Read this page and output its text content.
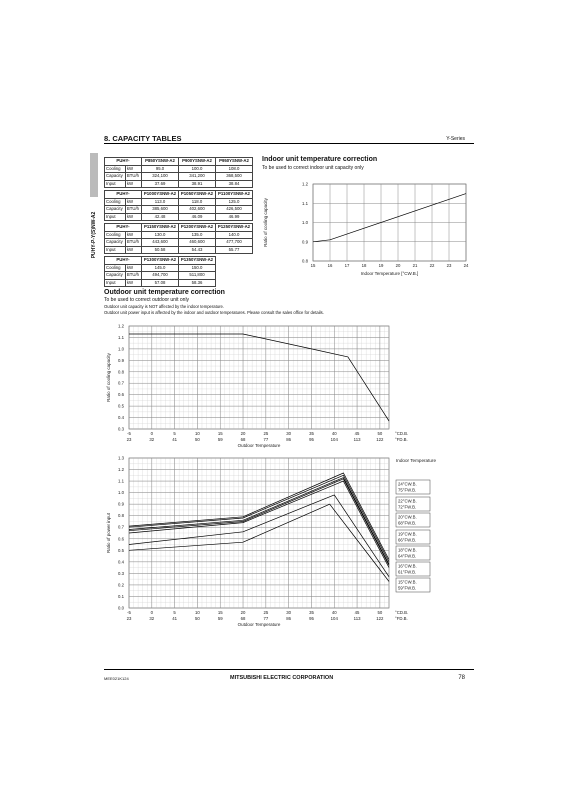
8. CAPACITY TABLES	Y-Series
PUHY-P-Y(S)NW-A2
PUHY-		P850YSNW-A2	P900YSNW-A2	P950YSNW-A2
Cooling	kW	95.0	100.0	108.0
Capacity	BTU/h	324,100	341,200	368,500
Input	kW	37.69	38.91	38.84
PUHY-		P1000YSNW-A2	P1050YSNW-A2	P1100YSNW-A2
Cooling	kW	113.0	118.0	125.0
Capacity	BTU/h	385,600	402,600	426,500
Input	kW	42.48	46.09	46.99
PUHY-		P1150YSNW-A2	P1200YSNW-A2	P1250YSNW-A2
Cooling	kW	130.0	135.0	140.0
Capacity	BTU/h	443,600	460,600	477,700
Input	kW	50.58	54.43	55.77
PUHY-		P1300YSNW-A2	P1350YSNW-A2
Cooling	kW	145.0	150.0
Capacity	BTU/h	494,700	511,800
Input	kW	57.08	58.36
Indoor unit temperature correction
To be used to correct indoor unit capacity only
Outdoor unit temperature correction
To be used to correct outdoor unit only
Outdoor unit capacity is NOT affected by the indoor temperature.
Outdoor unit power input is affected by the indoor and outdoor temperatures. Please consult the sales office for details.
15	16	17	18	19	20	21	22	23	24
0.8
0.9
1.0
1.1
1.2
Indoor Temperature [°CW.B.]
Ratio of cooling capacity
-5
23
0
32
5
41
10
50
15
59
20
68
25
77
30
86
35
95
40
104
45
113
50
122
0.3
0.4
0.5
0.6
0.7
0.8
0.9
1.0
1.1
1.2
°CD.B.
°FD.B.
Outdoor Temperature
Ratio of cooling capacity
-5
23
0
32
5
41
10
50
15
59
20
68
25
77
30
86
35
95
40
104
45
113
50
122
0.0
0.1
0.2
0.3
0.4
0.5
0.6
0.7
0.8
0.9
1.0
1.1
1.2
1.3
°CD.B.
°FD.B.
Outdoor Temperature
Ratio of power input
Indoor Temperature
24°CW.B.
75°FW.B.
22°CW.B.
72°FW.B.
20°CW.B.
68°FW.B.
19°CW.B.
66°FW.B.
18°CW.B.
64°FW.B.
16°CW.B.
61°FW.B.
15°CW.B.
59°FW.B.
MEE021K124	MITSUBISHI ELECTRIC CORPORATION	78
